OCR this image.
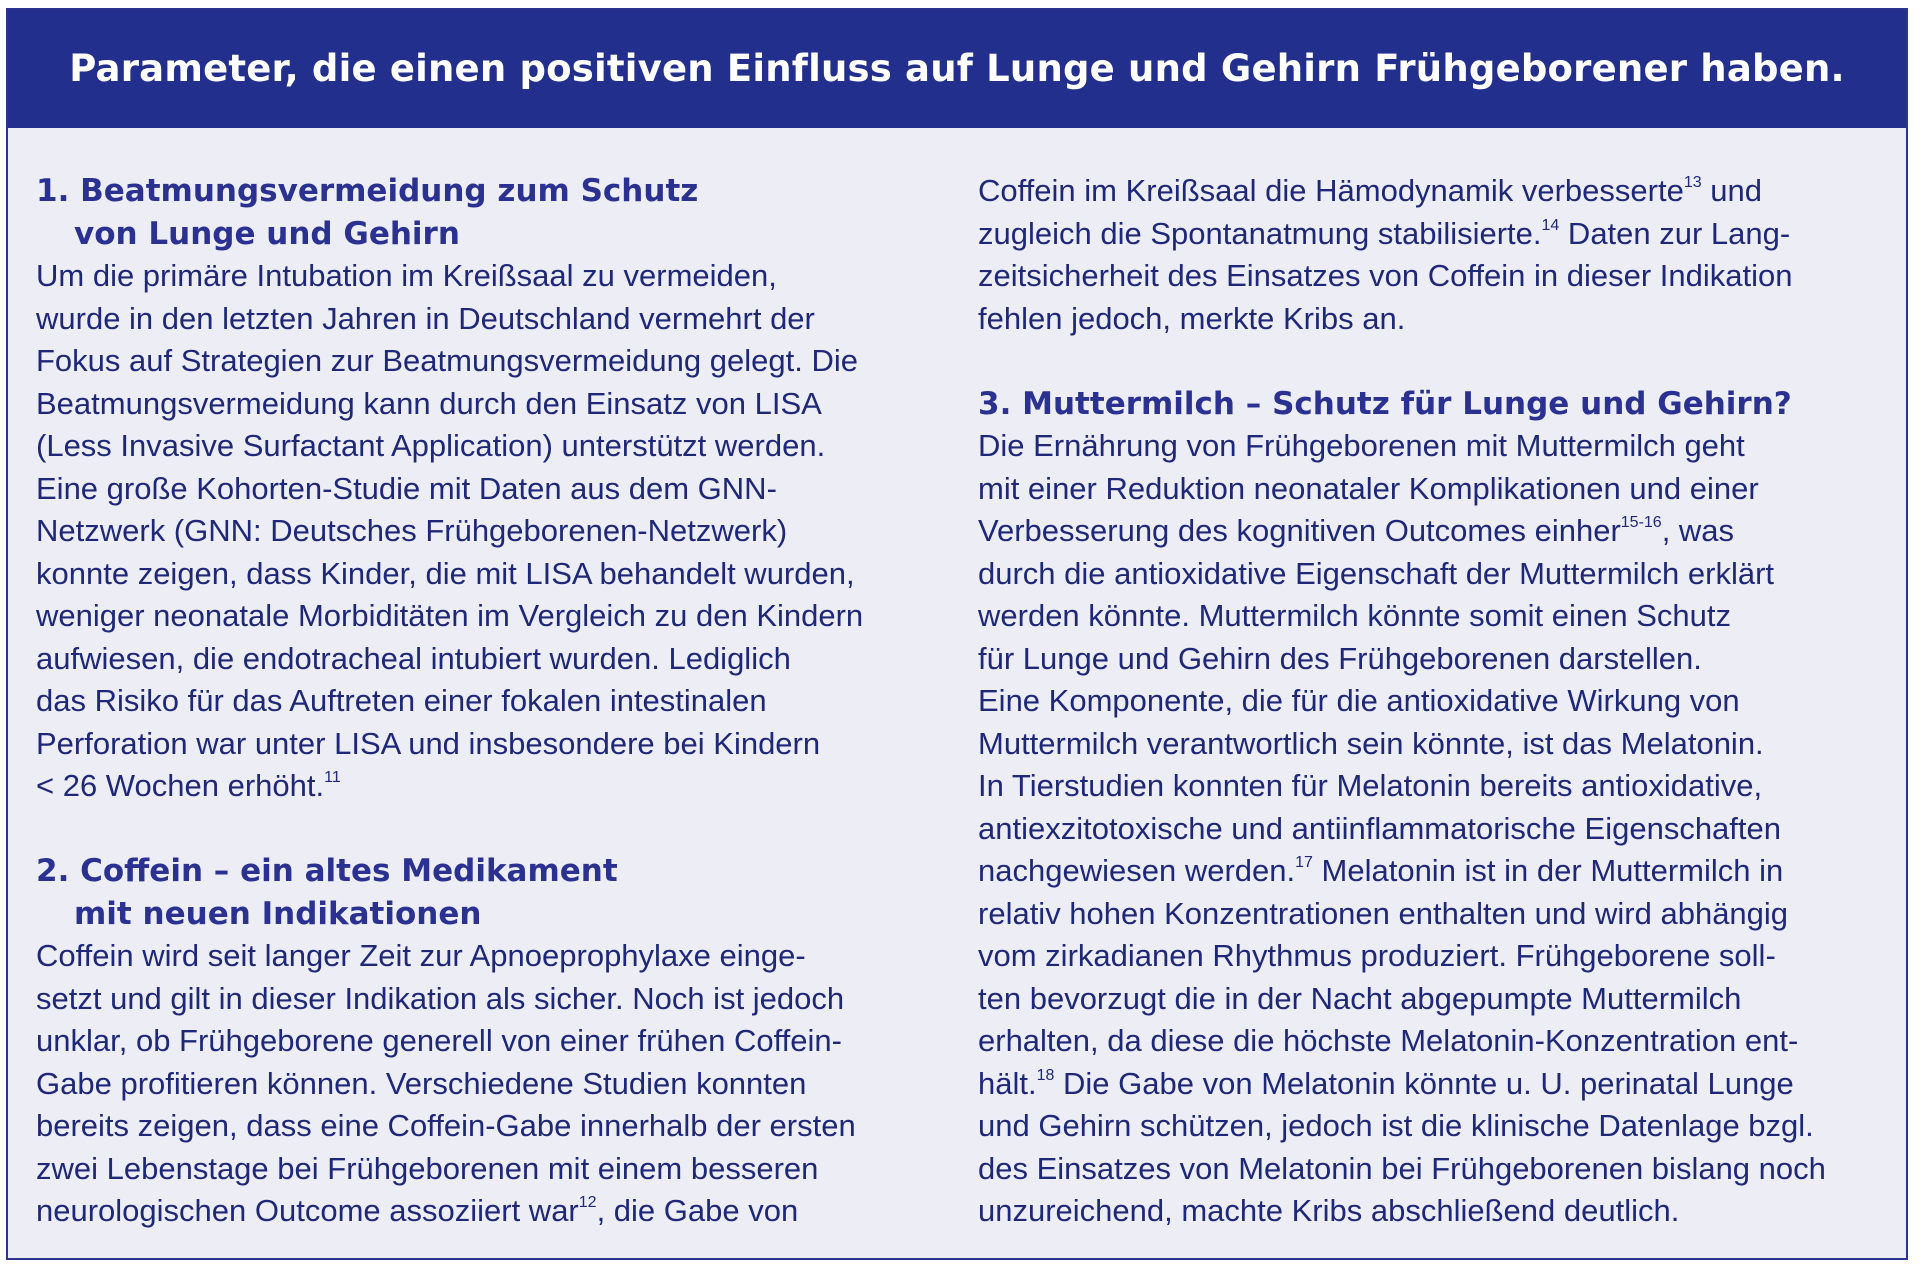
Parameter, die einen positiven Einfluss auf Lunge und Gehirn Frühgeborener haben.
1. Beatmungsvermeidung zum Schutz
von Lunge und Gehirn

Um die primäre Intubation im Kreißsaal zu vermeiden,

wurde in den letzten Jahren in Deutschland vermehrt der

Fokus auf Strategien zur Beatmungsvermeidung gelegt. Die

Beatmungsvermeidung kann durch den Einsatz von LISA

(Less Invasive Surfactant Application) unterstützt werden.

Eine große Kohorten-Studie mit Daten aus dem GNN-

Netzwerk (GNN: Deutsches Frühgeborenen-Netzwerk)

konnte zeigen, dass Kinder, die mit LISA behandelt wurden,

weniger neonatale Morbiditäten im Vergleich zu den Kindern

aufwiesen, die endotracheal intubiert wurden. Lediglich

das Risiko für das Auftreten einer fokalen intestinalen

Perforation war unter LISA und insbesondere bei Kindern

< 26 Wochen erhöht.$^{11}$

2. Coffein – ein altes Medikament
mit neuen Indikationen

Coffein wird seit langer Zeit zur Apnoeprophylaxe einge-

setzt und gilt in dieser Indikation als sicher. Noch ist jedoch

unklar, ob Frühgeborene generell von einer frühen Coffein-

Gabe profitieren können. Verschiedene Studien konnten

bereits zeigen, dass eine Coffein-Gabe innerhalb der ersten

zwei Lebenstage bei Frühgeborenen mit einem besseren

neurologischen Outcome assoziiert war$^{12}$, die Gabe von

Coffein im Kreißsaal die Hämodynamik verbesserte$^{13}$ und

zugleich die Spontanatmung stabilisierte.$^{14}$ Daten zur Lang-

zeitsicherheit des Einsatzes von Coffein in dieser Indikation

fehlen jedoch, merkte Kribs an.

3. Muttermilch – Schutz für Lunge und Gehirn?

Die Ernährung von Frühgeborenen mit Muttermilch geht

mit einer Reduktion neonataler Komplikationen und einer

Verbesserung des kognitiven Outcomes einher$^{15-16}$, was

durch die antioxidative Eigenschaft der Muttermilch erklärt

werden könnte. Muttermilch könnte somit einen Schutz

für Lunge und Gehirn des Frühgeborenen darstellen.

Eine Komponente, die für die antioxidative Wirkung von

Muttermilch verantwortlich sein könnte, ist das Melatonin.

In Tierstudien konnten für Melatonin bereits antioxidative,

antiexzitotoxische und antiinflammatorische Eigenschaften

nachgewiesen werden.$^{17}$ Melatonin ist in der Muttermilch in

relativ hohen Konzentrationen enthalten und wird abhängig

vom zirkadianen Rhythmus produziert. Frühgeborene soll-

ten bevorzugt die in der Nacht abgepumpte Muttermilch

erhalten, da diese die höchste Melatonin-Konzentration ent-

hält.$^{18}$ Die Gabe von Melatonin könnte u. U. perinatal Lunge

und Gehirn schützen, jedoch ist die klinische Datenlage bzgl.

des Einsatzes von Melatonin bei Frühgeborenen bislang noch

unzureichend, machte Kribs abschließend deutlich.
